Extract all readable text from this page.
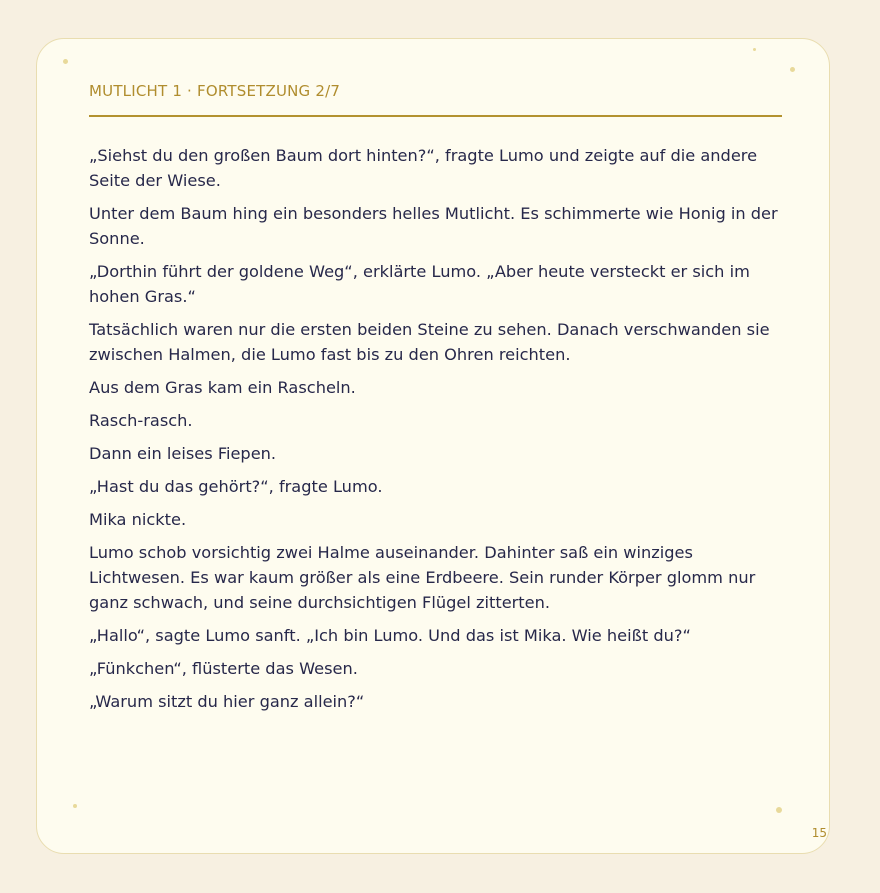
MUTLICHT 1 · FORTSETZUNG 2/7

„Siehst du den großen Baum dort hinten?“, fragte Lumo und zeigte auf die andere Seite der Wiese.

Unter dem Baum hing ein besonders helles Mutlicht. Es schimmerte wie Honig in der Sonne.

„Dorthin führt der goldene Weg“, erklärte Lumo. „Aber heute versteckt er sich im hohen Gras.“

Tatsächlich waren nur die ersten beiden Steine zu sehen. Danach verschwanden sie zwischen Halmen, die Lumo fast bis zu den Ohren reichten.

Aus dem Gras kam ein Rascheln.

Rasch-rasch.

Dann ein leises Fiepen.

„Hast du das gehört?“, fragte Lumo.

Mika nickte.

Lumo schob vorsichtig zwei Halme auseinander. Dahinter saß ein winziges Lichtwesen. Es war kaum größer als eine Erdbeere. Sein runder Körper glomm nur ganz schwach, und seine durchsichtigen Flügel zitterten.

„Hallo“, sagte Lumo sanft. „Ich bin Lumo. Und das ist Mika. Wie heißt du?“

„Fünkchen“, flüsterte das Wesen.

„Warum sitzt du hier ganz allein?“

15
